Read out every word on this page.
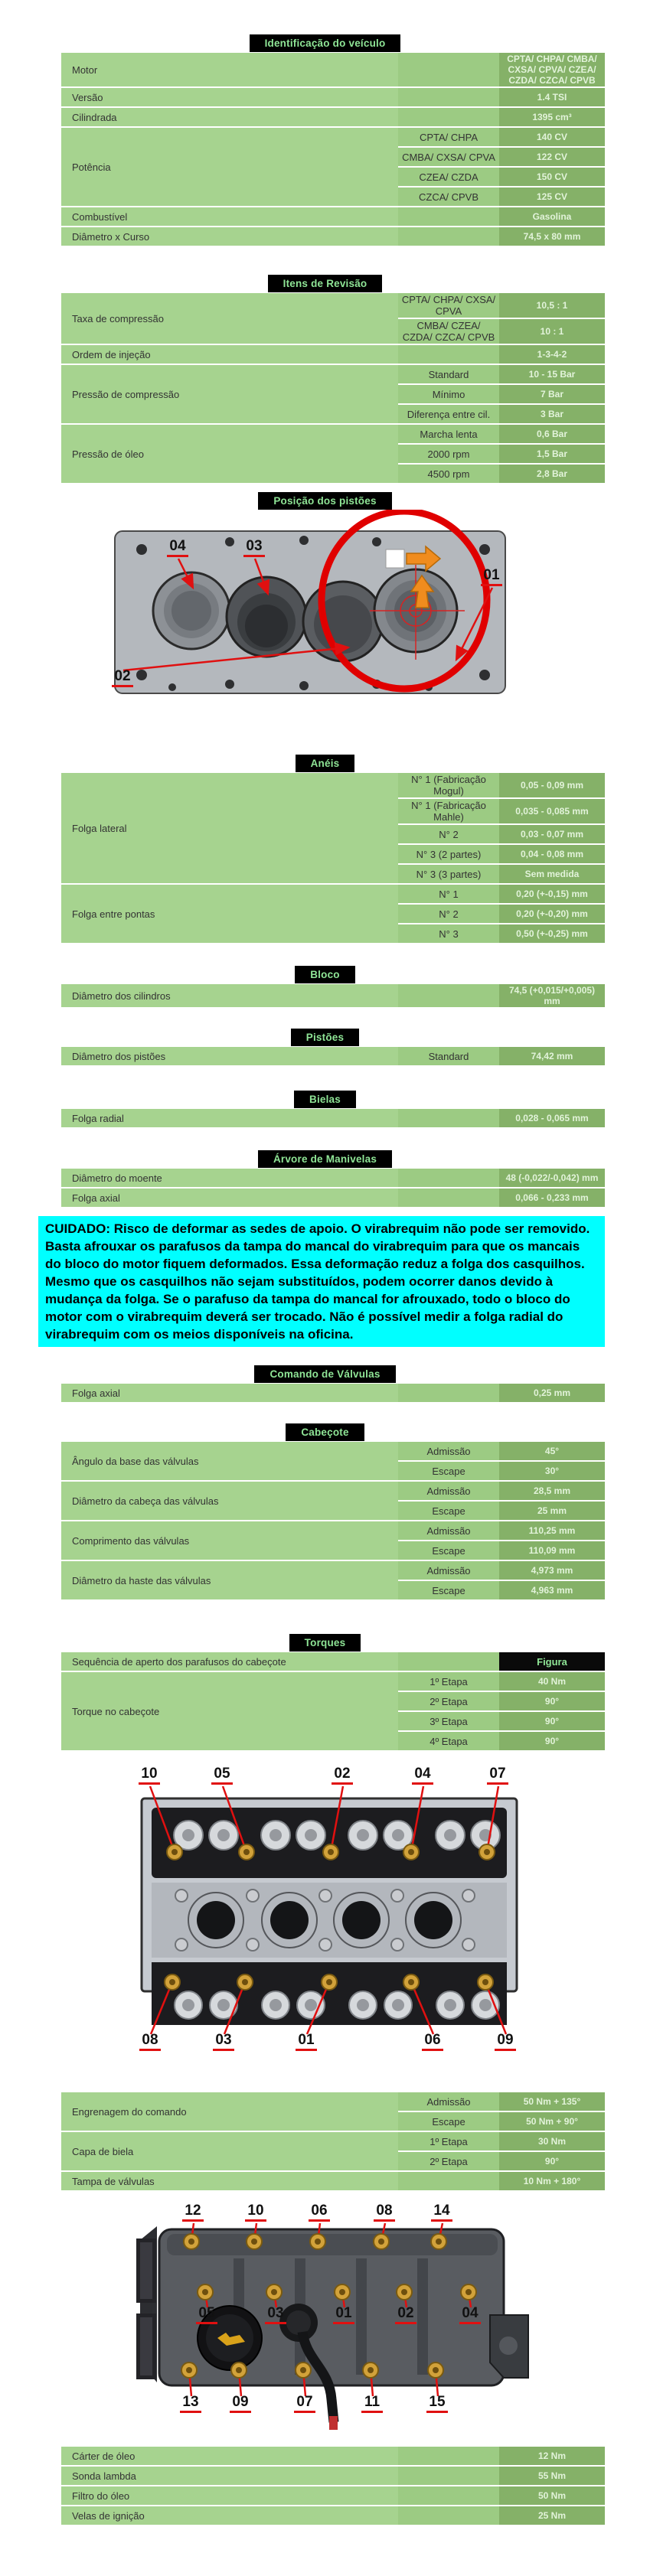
Identificação do veículo
Motor
CPTA/ CHPA/ CMBA/ CXSA/ CPVA/ CZEA/ CZDA/ CZCA/ CPVB
Versão	1.4 TSI
Cilindrada	1395 cm³
Potência
CPTA/ CHPA	140 CV
CMBA/ CXSA/ CPVA	122 CV
CZEA/ CZDA	150 CV
CZCA/ CPVB	125 CV
Combustível	Gasolina
Diâmetro x Curso	74,5 x 80 mm
Itens de Revisão
Taxa de compressão
CPTA/ CHPA/ CXSA/ CPVA	10,5 : 1
CMBA/ CZEA/ CZDA/ CZCA/ CPVB	10 : 1
Ordem de injeção	1-3-4-2
Pressão de compressão
Standard	10 - 15 Bar
Mínimo	7 Bar
Diferença entre cil.	3 Bar
Pressão de óleo
Marcha lenta	0,6 Bar
2000 rpm	1,5 Bar
4500 rpm	2,8 Bar
Posição dos pistões
04	03
01
02
Anéis
Folga lateral
N° 1 (Fabricação Mogul)	0,05 - 0,09 mm
N° 1 (Fabricação Mahle)	0,035 - 0,085 mm
N° 2	0,03 - 0,07 mm
N° 3 (2 partes)	0,04 - 0,08 mm
N° 3 (3 partes)	Sem medida
Folga entre pontas
N° 1	0,20 (+-0,15) mm
N° 2	0,20 (+-0,20) mm
N° 3	0,50 (+-0,25) mm
Bloco
Diâmetro dos cilindros	74,5 (+0,015/+0,005) mm
Pistões
Diâmetro dos pistões	Standard	74,42 mm
Bielas
Folga radial	0,028 - 0,065 mm
Árvore de Manivelas
Diâmetro do moente	48 (-0,022/-0,042) mm
Folga axial	0,066 - 0,233 mm
CUIDADO: Risco de deformar as sedes de apoio. O virabrequim não pode ser removido. Basta afrouxar os parafusos da tampa do mancal do virabrequim para que os mancais do bloco do motor fiquem deformados. Essa deformação reduz a folga dos casquilhos. Mesmo que os casquilhos não sejam substituídos, podem ocorrer danos devido à mudança da folga. Se o parafuso da tampa do mancal for afrouxado, todo o bloco do motor com o virabrequim deverá ser trocado. Não é possível medir a folga radial do virabrequim com os meios disponíveis na oficina.
Comando de Válvulas
Folga axial	0,25 mm
Cabeçote
Ângulo da base das válvulas
Admissão	45°
Escape	30°
Diâmetro da cabeça das válvulas
Admissão	28,5 mm
Escape	25 mm
Comprimento das válvulas
Admissão	110,25 mm
Escape	110,09 mm
Diâmetro da haste das válvulas
Admissão	4,973 mm
Escape	4,963 mm
Torques
Sequência de aperto dos parafusos do cabeçote	Figura
Torque no cabeçote
1º Etapa	40 Nm
2º Etapa	90°
3º Etapa	90°
4º Etapa	90°
10	05	02	04	07
08	03	01	06	09
Engrenagem do comando
Admissão	50 Nm + 135°
Escape	50 Nm + 90°
Capa de biela
1º Etapa	30 Nm
2º Etapa	90°
Tampa de válvulas	10 Nm + 180°
12	10	06	08	14
05	03	01	02	04
13 09	07	11	15
Cárter de óleo	12 Nm
Sonda lambda	55 Nm
Filtro do óleo	50 Nm
Velas de ignição	25 Nm
